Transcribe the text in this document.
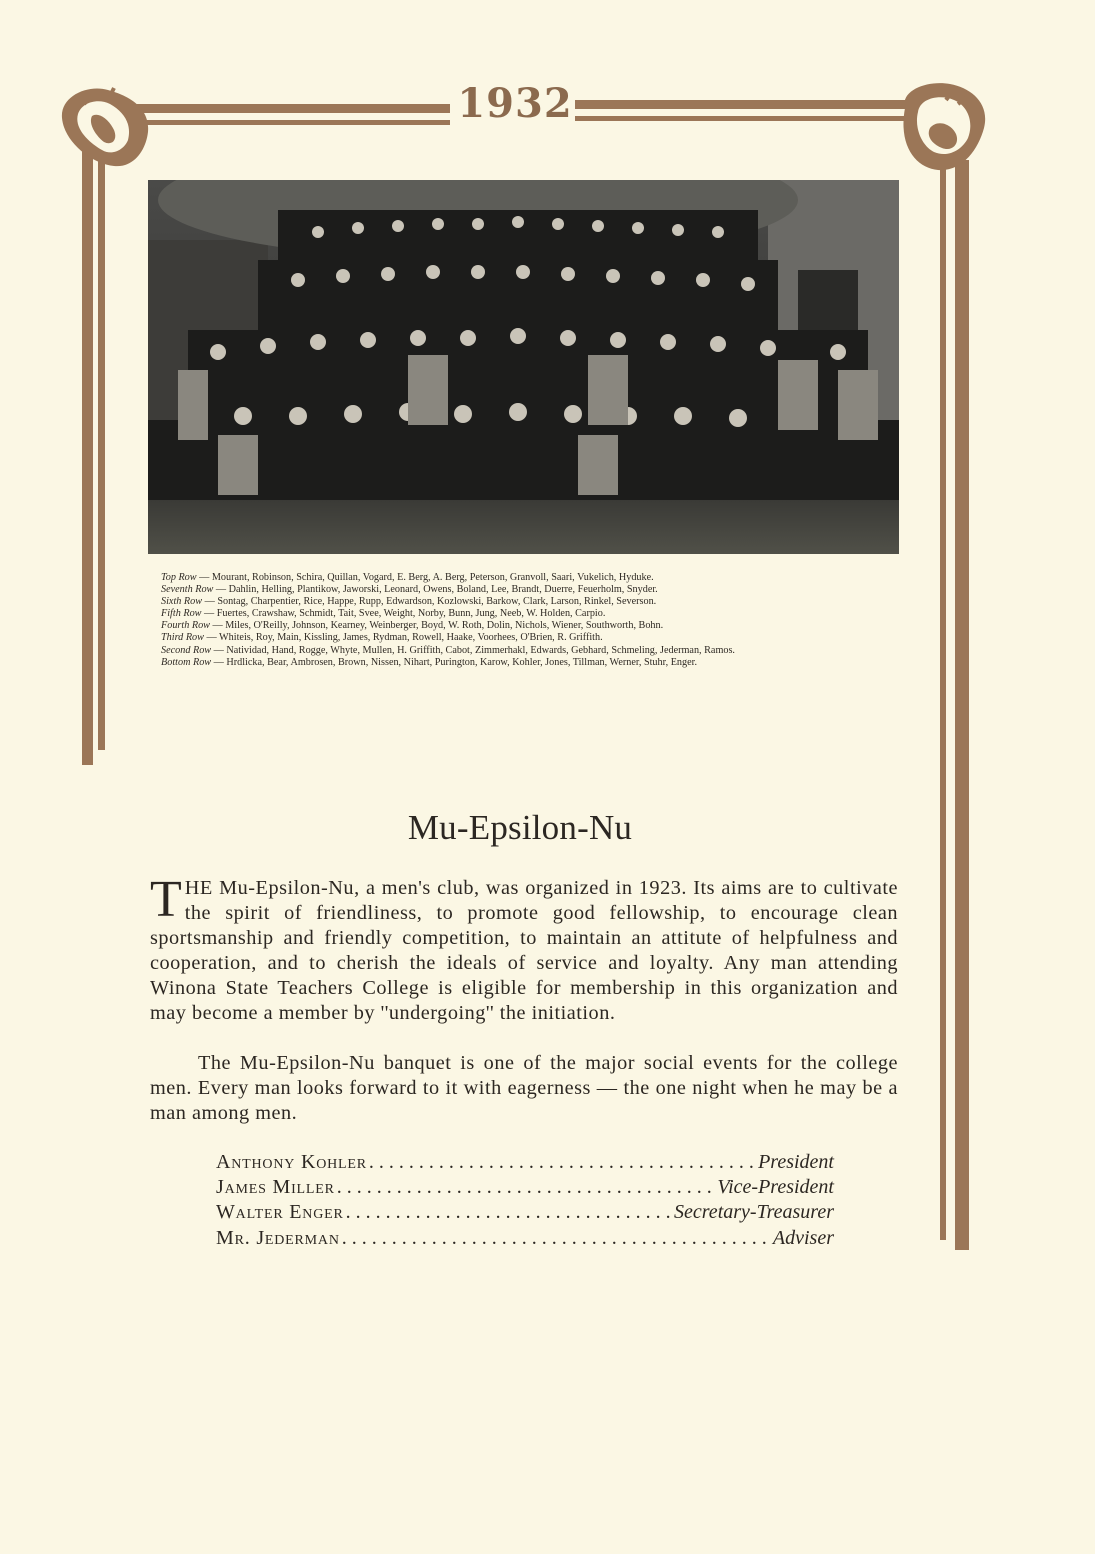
1932
Top Row — Mourant, Robinson, Schira, Quillan, Vogard, E. Berg, A. Berg, Peterson, Granvoll, Saari, Vukelich, Hyduke.
Seventh Row — Dahlin, Helling, Plantikow, Jaworski, Leonard, Owens, Boland, Lee, Brandt, Duerre, Feuerholm, Snyder.
Sixth Row — Sontag, Charpentier, Rice, Happe, Rupp, Edwardson, Kozlowski, Barkow, Clark, Larson, Rinkel, Severson.
Fifth Row — Fuertes, Crawshaw, Schmidt, Tait, Svee, Weight, Norby, Bunn, Jung, Neeb, W. Holden, Carpio.
Fourth Row — Miles, O'Reilly, Johnson, Kearney, Weinberger, Boyd, W. Roth, Dolin, Nichols, Wiener, Southworth, Bohn.
Third Row — Whiteis, Roy, Main, Kissling, James, Rydman, Rowell, Haake, Voorhees, O'Brien, R. Griffith.
Second Row — Natividad, Hand, Rogge, Whyte, Mullen, H. Griffith, Cabot, Zimmerhakl, Edwards, Gebhard, Schmeling, Jederman, Ramos.
Bottom Row — Hrdlicka, Bear, Ambrosen, Brown, Nissen, Nihart, Purington, Karow, Kohler, Jones, Tillman, Werner, Stuhr, Enger.
Mu-Epsilon-Nu
THE Mu-Epsilon-Nu, a men's club, was organized in 1923. Its aims are to cultivate the spirit of friendliness, to promote good fellowship, to encourage clean sportsmanship and friendly competition, to maintain an attitute of helpfulness and cooperation, and to cherish the ideals of service and loyalty. Any man attending Winona State Teachers College is eligible for membership in this organization and may become a member by ''undergoing'' the initiation.
The Mu-Epsilon-Nu banquet is one of the major social events for the college men. Every man looks forward to it with eagerness — the one night when he may be a man among men.
Anthony Kohler . . .	President
James Miller . . .	Vice-President
Walter Enger . . .	Secretary-Treasurer
Mr. Jederman . . .	Adviser
